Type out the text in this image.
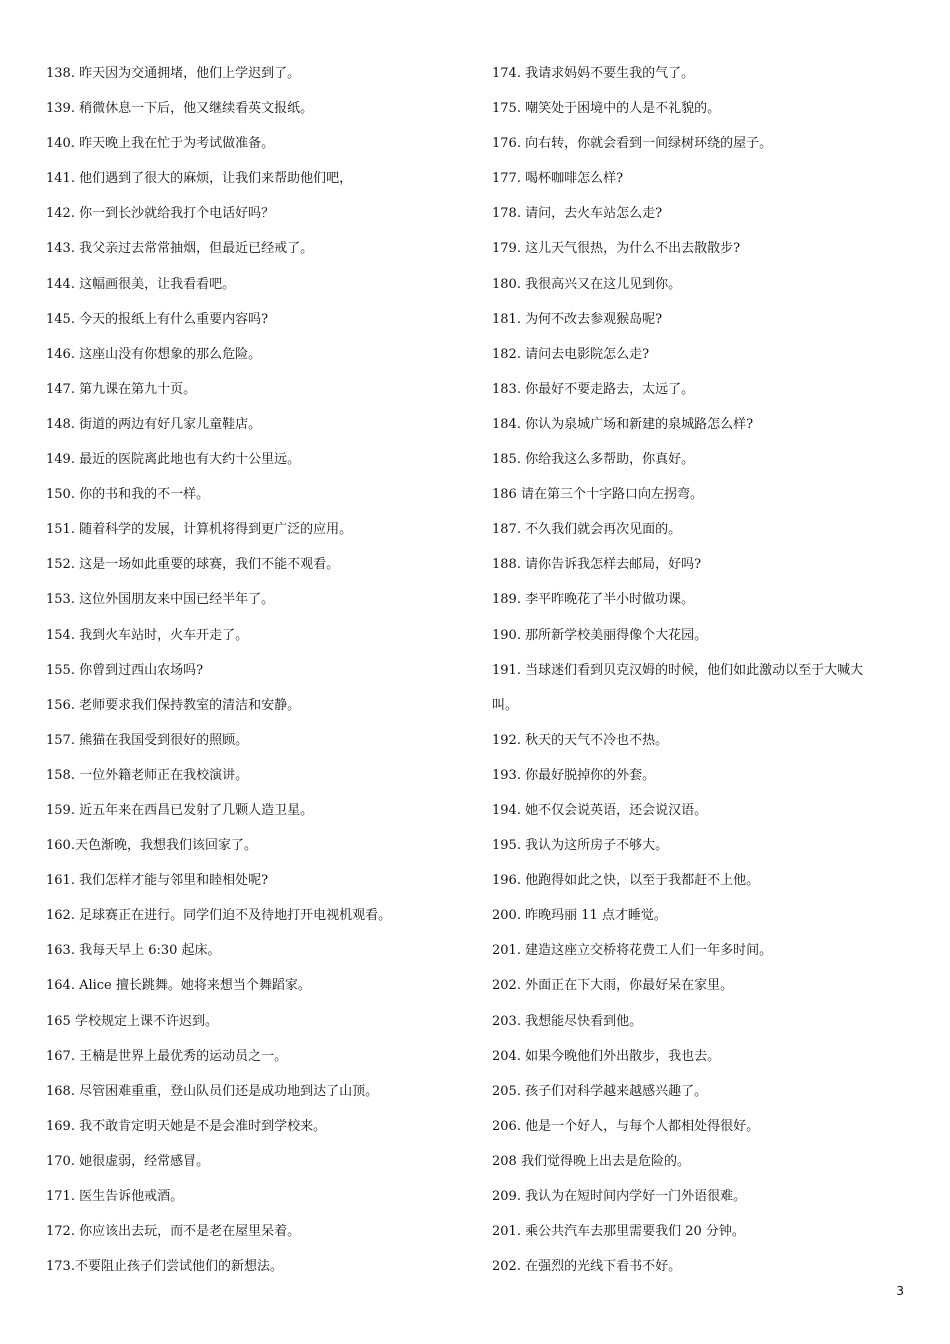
138. 昨天因为交通拥堵，他们上学迟到了。
139. 稍微休息一下后，他又继续看英文报纸。
140. 昨天晚上我在忙于为考试做准备。
141. 他们遇到了很大的麻烦，让我们来帮助他们吧，
142. 你一到长沙就给我打个电话好吗？
143. 我父亲过去常常抽烟，但最近已经戒了。
144. 这幅画很美，让我看看吧。
145. 今天的报纸上有什么重要内容吗?
146. 这座山没有你想象的那么危险。
147. 第九课在第九十页。
148. 街道的两边有好几家儿童鞋店。
149. 最近的医院离此地也有大约十公里远。
150. 你的书和我的不一样。
151. 随着科学的发展，计算机将得到更广泛的应用。
152. 这是一场如此重要的球赛，我们不能不观看。
153. 这位外国朋友来中国已经半年了。
154. 我到火车站时，火车开走了。
155. 你曾到过西山农场吗?
156. 老师要求我们保持教室的清洁和安静。
157. 熊猫在我国受到很好的照顾。
158. 一位外籍老师正在我校演讲。
159. 近五年来在西昌已发射了几颗人造卫星。
160.天色渐晚，我想我们该回家了。
161. 我们怎样才能与邻里和睦相处呢?
162. 足球赛正在进行。同学们迫不及待地打开电视机观看。
163. 我每天早上 6:30 起床。
164. Alice 擅长跳舞。她将来想当个舞蹈家。
165 学校规定上课不许迟到。
167. 王楠是世界上最优秀的运动员之一。
168. 尽管困难重重，登山队员们还是成功地到达了山顶。
169. 我不敢肯定明天她是不是会准时到学校来。
170. 她很虚弱，经常感冒。
171. 医生告诉他戒酒。
172. 你应该出去玩，而不是老在屋里呆着。
173.不要阻止孩子们尝试他们的新想法。
174. 我请求妈妈不要生我的气了。
175. 嘲笑处于困境中的人是不礼貌的。
176. 向右转，你就会看到一间绿树环绕的屋子。
177. 喝杯咖啡怎么样?
178. 请问，去火车站怎么走?
179. 这儿天气很热，为什么不出去散散步?
180. 我很高兴又在这儿见到你。
181. 为何不改去参观猴岛呢?
182. 请问去电影院怎么走?
183. 你最好不要走路去，太远了。
184. 你认为泉城广场和新建的泉城路怎么样?
185. 你给我这么多帮助，你真好。
186 请在第三个十字路口向左拐弯。
187. 不久我们就会再次见面的。
188. 请你告诉我怎样去邮局，好吗?
189. 李平昨晚花了半小时做功课。
190. 那所新学校美丽得像个大花园。
191. 当球迷们看到贝克汉姆的时候，他们如此激动以至于大喊大
叫。
192. 秋天的天气不冷也不热。
193. 你最好脱掉你的外套。
194. 她不仅会说英语，还会说汉语。
195. 我认为这所房子不够大。
196. 他跑得如此之快，以至于我都赶不上他。
200. 昨晚玛丽 11 点才睡觉。
201. 建造这座立交桥将花费工人们一年多时间。
202. 外面正在下大雨，你最好呆在家里。
203. 我想能尽快看到他。
204. 如果今晚他们外出散步，我也去。
205. 孩子们对科学越来越感兴趣了。
206. 他是一个好人，与每个人都相处得很好。
208 我们觉得晚上出去是危险的。
209. 我认为在短时间内学好一门外语很难。
201. 乘公共汽车去那里需要我们 20 分钟。
202. 在强烈的光线下看书不好。
3
